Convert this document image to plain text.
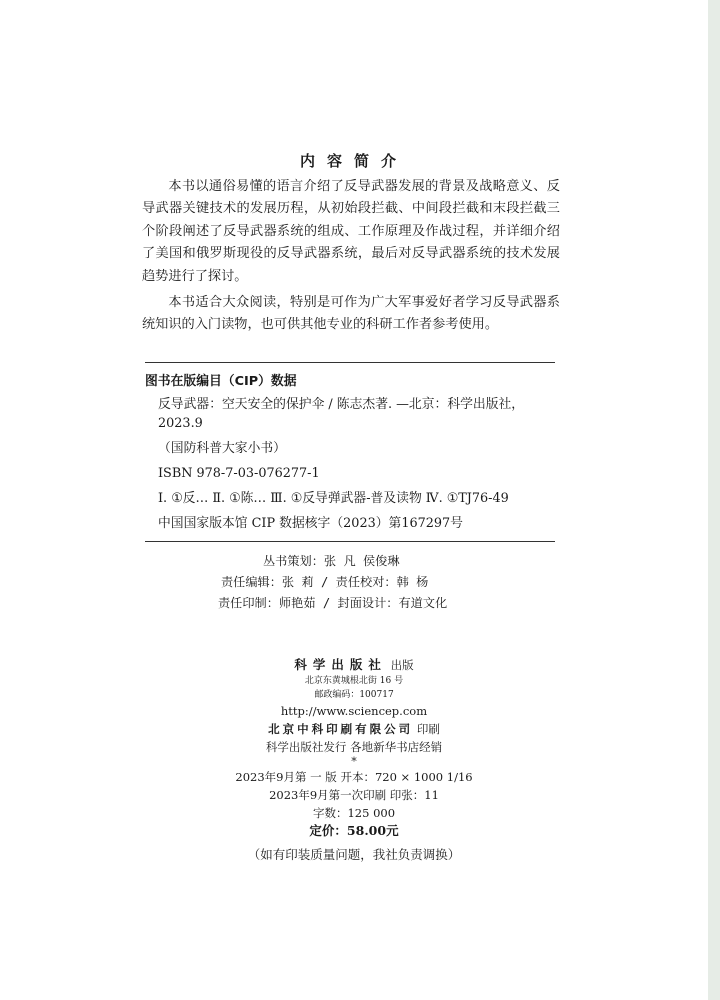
内容简介

本书以通俗易懂的语言介绍了反导武器发展的背景及战略意义、反导武器关键技术的发展历程，从初始段拦截、中间段拦截和末段拦截三个阶段阐述了反导武器系统的组成、工作原理及作战过程，并详细介绍了美国和俄罗斯现役的反导武器系统，最后对反导武器系统的技术发展趋势进行了探讨。

本书适合大众阅读，特别是可作为广大军事爱好者学习反导武器系统知识的入门读物，也可供其他专业的科研工作者参考使用。

图书在版编目（CIP）数据
反导武器：空天安全的保护伞 / 陈志杰著. —北京：科学出版社，
2023.9
（国防科普大家小书）
ISBN 978-7-03-076277-1
Ⅰ. ①反… Ⅱ. ①陈… Ⅲ. ①反导弹武器-普及读物 Ⅳ. ①TJ76-49
中国国家版本馆 CIP 数据核字（2023）第167297号
丛书策划：张 凡 侯俊琳
责任编辑：张 莉 / 责任校对：韩 杨
责任印制：师艳茹 / 封面设计：有道文化
科学出版社 出版
北京东黄城根北街 16 号
邮政编码：100717
http://www.sciencep.com
北京中科印刷有限公司 印刷
科学出版社发行 各地新华书店经销
*
2023年9月第 一 版 开本：720 × 1000 1/16
2023年9月第一次印刷 印张：11
字数：125 000
定价：58.00元
（如有印装质量问题，我社负责调换）
